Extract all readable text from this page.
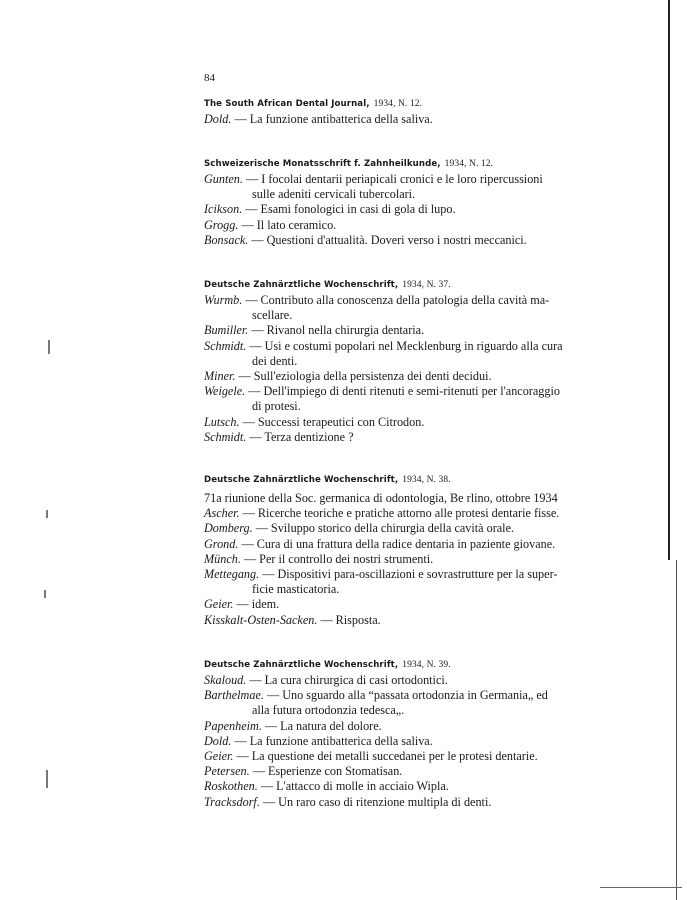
84
The South African Dental Journal, 1934, N. 12.
Dold. — La funzione antibatterica della saliva.
Schweizerische Monatsschrift f. Zahnheilkunde, 1934, N. 12.
Gunten. — I focolai dentarii periapicali cronici e le loro ripercussioni
sulle adeniti cervicali tubercolari.
Icikson. — Esami fonologici in casi di gola di lupo.
Grogg. — Il lato ceramico.
Bonsack. — Questioni d'attualità. Doveri verso i nostri meccanici.
Deutsche Zahnärztliche Wochenschrift, 1934, N. 37.
Wurmb. — Contributo alla conoscenza della patologia della cavità ma-
scellare.
Bumiller. — Rivanol nella chirurgia dentaria.
Schmidt. — Usi e costumi popolari nel Mecklenburg in riguardo alla cura
dei denti.
Miner. — Sull'eziologia della persistenza dei denti decidui.
Weigele. — Dell'impiego di denti ritenuti e semi-ritenuti per l'ancoraggio
di protesi.
Lutsch. — Successi terapeutici con Citrodon.
Schmidt. — Terza dentizione ?
Deutsche Zahnärztliche Wochenschrift, 1934, N. 38.
71a riunione della Soc. germanica di odontologia, Be rlino, ottobre 1934
Ascher. — Ricerche teoriche e pratiche attorno alle protesi dentarie fisse.
Domberg. — Sviluppo storico della chirurgia della cavità orale.
Grond. — Cura di una frattura della radice dentaria in paziente giovane.
Münch. — Per il controllo dei nostri strumenti.
Mettegang. — Dispositivi para-oscillazioni e sovrastrutture per la super-
ficie masticatoria.
Geier. — idem.
Kisskalt-Osten-Sacken. — Risposta.
Deutsche Zahnärztliche Wochenschrift, 1934, N. 39.
Skaloud. — La cura chirurgica di casi ortodontici.
Barthelmae. — Uno sguardo alla “passata ortodonzia in Germania„ ed
alla futura ortodonzia tedesca„.
Papenheim. — La natura del dolore.
Dold. — La funzione antibatterica della saliva.
Geier. — La questione dei metalli succedanei per le protesi dentarie.
Petersen. — Esperienze con Stomatisan.
Roskothen. — L'attacco di molle in acciaio Wipla.
Tracksdorf. — Un raro caso di ritenzione multipla di denti.
